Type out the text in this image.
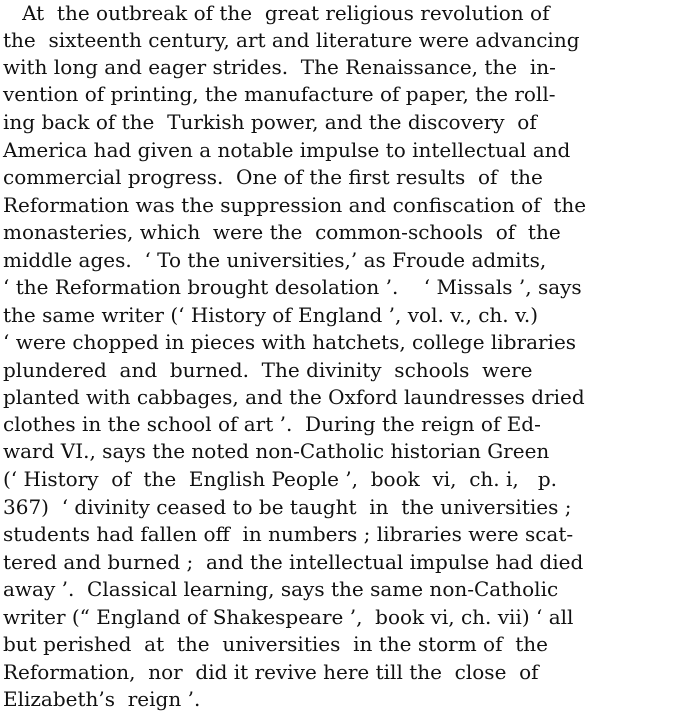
At  the outbreak of the  great religious revolution of
the  sixteenth century, art and literature were advancing
with long and eager strides.  The Renaissance, the  in-
vention of printing, the manufacture of paper, the roll-
ing back of the  Turkish power, and the discovery  of
America had given a notable impulse to intellectual and
commercial progress.  One of the first results  of  the
Reformation was the suppression and confiscation of  the
monasteries, which  were the  common-schools  of  the
middle ages.  ‘ To the universities,’ as Froude admits,
‘ the Reformation brought desolation ’.    ‘ Missals ’, says
the same writer (‘ History of England ’, vol. v., ch. v.)
‘ were chopped in pieces with hatchets, college libraries
plundered  and  burned.  The divinity  schools  were
planted with cabbages, and the Oxford laundresses dried
clothes in the school of art ’.  During the reign of Ed-
ward VI., says the noted non-Catholic historian Green
(‘ History  of  the  English People ’,  book  vi,  ch. i,   p.
367)  ‘ divinity ceased to be taught  in  the universities ;
students had fallen off  in numbers ; libraries were scat-
tered and burned ;  and the intellectual impulse had died
away ’.  Classical learning, says the same non-Catholic
writer (“ England of Shakespeare ’,  book vi, ch. vii) ‘ all
but perished  at  the  universities  in the storm of  the
Reformation,  nor  did it revive here till the  close  of
Elizabeth’s  reign ’.
